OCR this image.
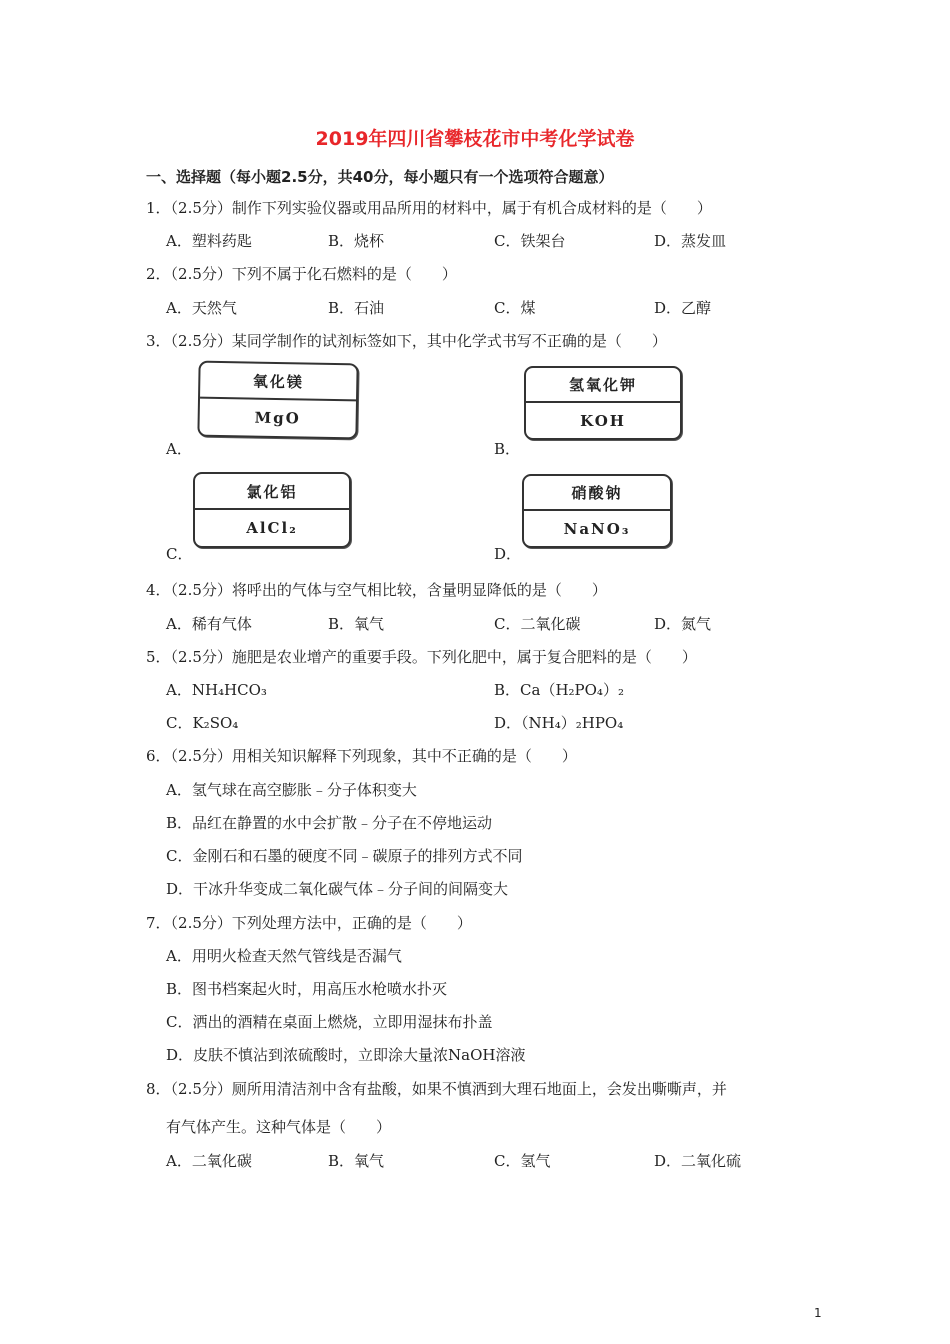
2019年四川省攀枝花市中考化学试卷
一、选择题（每小题2.5分，共40分，每小题只有一个选项符合题意）
1．（2.5分）制作下列实验仪器或用品所用的材料中，属于有机合成材料的是（　　）
A．塑料药匙	B．烧杯	C．铁架台	D．蒸发皿
2．（2.5分）下列不属于化石燃料的是（　　）
A．天然气	B．石油	C．煤	D．乙醇
3．（2.5分）某同学制作的试剂标签如下，其中化学式书写不正确的是（　　）
氧化镁
MgO
A．
氢氧化钾
KOH
B．
氯化铝
AlCl₂
C．
硝酸钠
NaNO₃
D．
4．（2.5分）将呼出的气体与空气相比较，含量明显降低的是（　　）
A．稀有气体	B．氧气	C．二氧化碳	D．氮气
5．（2.5分）施肥是农业增产的重要手段。下列化肥中，属于复合肥料的是（　　）
A．NH₄HCO₃	B．Ca（H₂PO₄）₂
C．K₂SO₄	D．（NH₄）₂HPO₄
6．（2.5分）用相关知识解释下列现象，其中不正确的是（　　）
A．氢气球在高空膨胀﹣分子体积变大
B．品红在静置的水中会扩散﹣分子在不停地运动
C．金刚石和石墨的硬度不同﹣碳原子的排列方式不同
D．干冰升华变成二氧化碳气体﹣分子间的间隔变大
7．（2.5分）下列处理方法中，正确的是（　　）
A．用明火检查天然气管线是否漏气
B．图书档案起火时，用高压水枪喷水扑灭
C．洒出的酒精在桌面上燃烧，立即用湿抹布扑盖
D．皮肤不慎沾到浓硫酸时，立即涂大量浓NaOH溶液
8．（2.5分）厕所用清洁剂中含有盐酸，如果不慎洒到大理石地面上，会发出嘶嘶声，并
有气体产生。这种气体是（　　）
A．二氧化碳	B．氧气	C．氢气	D．二氧化硫
1
